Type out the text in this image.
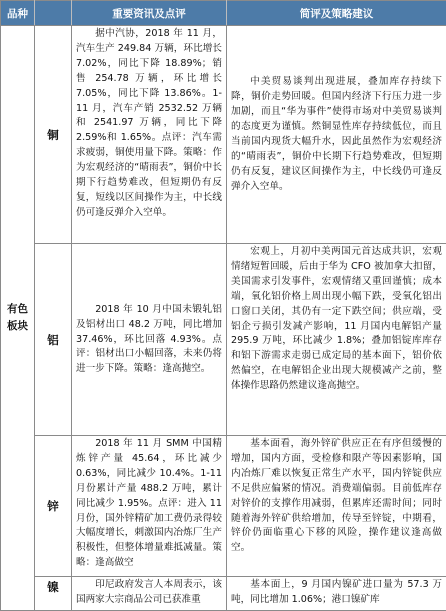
品种		重要资讯及点评	简评及策略建议
有色板块	铜	据中汽协，2018 年 11 月，汽车生产 249.84 万辆，环比增长 7.02%，同比下降 18.89%；销售 254.78 万辆，环比增长 7.05%，同比下降 13.86%。1-11 月，汽车产销 2532.52 万辆和 2541.97 万辆，同比下降 2.59%和 1.65%。点评：汽车需求疲弱，铜使用量下降。策略：作为宏观经济的“晴雨表”，铜价中长期下行趋势难改，但短期仍有反复，短线以区间操作为主，中长线仍可逢反弹介入空单。	中美贸易谈判出现进展，叠加库存持续下降，铜价走势回暖。但国内经济下行压力进一步加剧，而且“华为事件”使得市场对中美贸易谈判的态度更为谨慎。然铜显性库存持续低位，而且当前国内现货大幅升水，因此虽然作为宏观经济的“晴雨表”，铜价中长期下行趋势难改，但短期仍有反复，建议区间操作为主，中长线仍可逢反弹介入空单。

	铝	2018 年 10 月中国未锻轧铝及铝材出口 48.2 万吨，同比增加 37.46%，环比回落 4.93%。点评：铝材出口小幅回落，未来仍将进一步下降。策略：逢高抛空。	宏观上，月初中美两国元首达成共识，宏观情绪短暂回暖，后由于华为 CFO 被加拿大扣留，美国需求引发事件，宏观情绪又重回谨慎；成本端，氧化铝价格上周出现小幅下跌，受氧化铝出口窗口关闭，其仍有一定下跌空间；供应端，受铝企亏损引发减产影响，11 月国内电解铝产量 295.9 万吨，环比减少 1.8%；叠加铝锭库库存和铝下游需求走弱已成定局的基本面下，铝价依然偏空，在电解铝企业出现大规模减产之前，整体操作思路仍然建议逢高抛空。

	锌	2018 年 11 月 SMM 中国精炼锌产量 45.64，环比减少 0.63%，同比减少 10.4%。1-11 月份累计产量 488.2 万吨，累计同比减少 1.95%。点评：进入 11 月份，国外锌精矿加工费仍录得较大幅度增长，刺激国内冶炼厂生产积极性，但整体增量难抵减量。策略：逢高做空	基本面看，海外锌矿供应正在有序但缓慢的增加，国内方面，受检修和限产等因素影响，国内冶炼厂难以恢复正常生产水平，国内锌锭供应不足供应偏紧的情况。消费端偏弱。目前低库存对锌价的支撑作用减弱，但累库还需时间；同时随着海外锌矿供给增加，传导至锌锭，中期看，锌价仍面临重心下移的风险，操作建议逢高做空。

	镍	印尼政府发言人本周表示，该国两家大宗商品公司已获准重	基本面上，9 月国内镍矿进口量为 57.3 万吨，同比增加 1.06%；港口镍矿库
